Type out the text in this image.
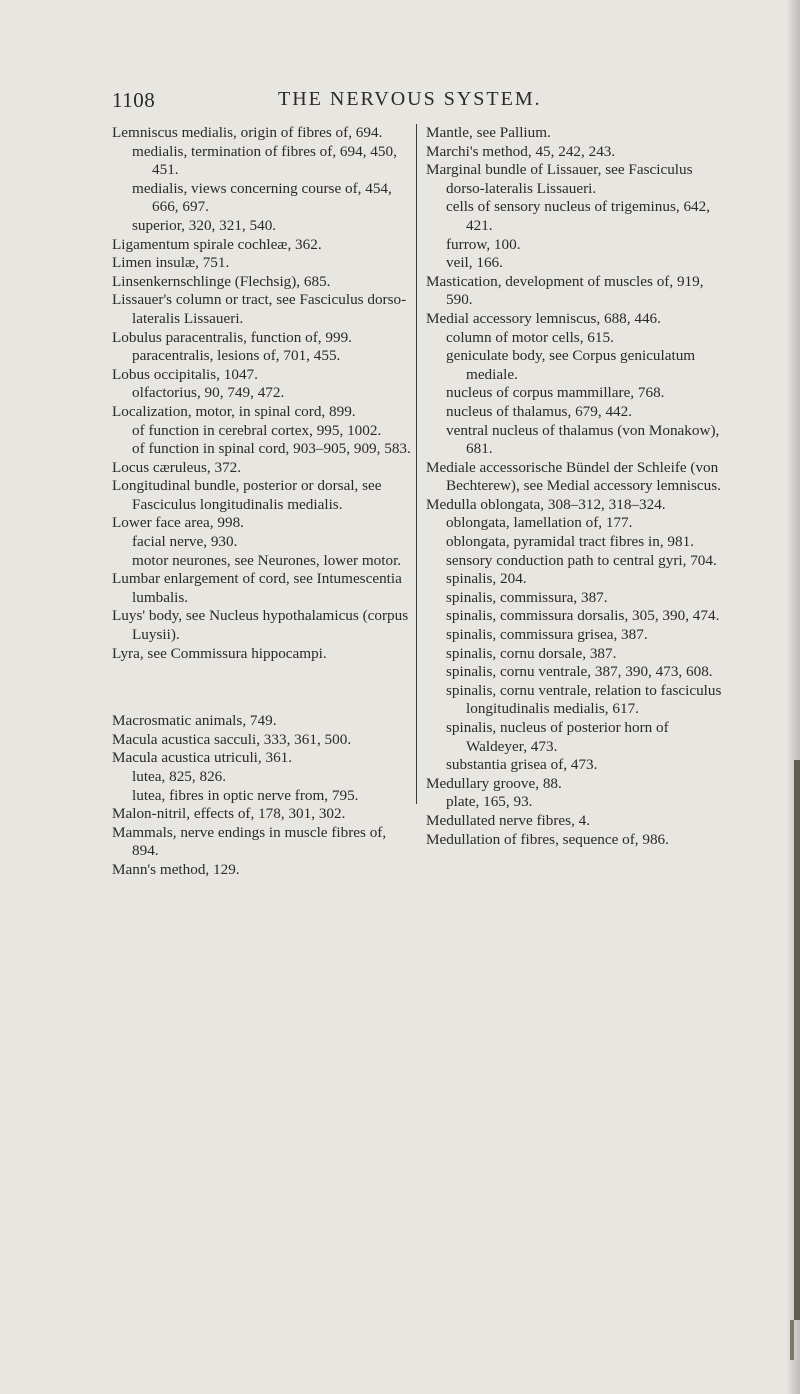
1108	THE NERVOUS SYSTEM.

Lemniscus medialis, origin of fibres of, 694.

medialis, termination of fibres of, 694, 450, 451.

medialis, views concerning course of, 454, 666, 697.

superior, 320, 321, 540.

Ligamentum spirale cochleæ, 362.

Limen insulæ, 751.

Linsenkernschlinge (Flechsig), 685.

Lissauer's column or tract, see Fasciculus dorso-lateralis Lissaueri.

Lobulus paracentralis, function of, 999.

paracentralis, lesions of, 701, 455.

Lobus occipitalis, 1047.

olfactorius, 90, 749, 472.

Localization, motor, in spinal cord, 899.

of function in cerebral cortex, 995, 1002.

of function in spinal cord, 903–905, 909, 583.

Locus cæruleus, 372.

Longitudinal bundle, posterior or dorsal, see Fasciculus longitudinalis medialis.

Lower face area, 998.

facial nerve, 930.

motor neurones, see Neurones, lower motor.

Lumbar enlargement of cord, see Intumescentia lumbalis.

Luys' body, see Nucleus hypothalamicus (corpus Luysii).

Lyra, see Commissura hippocampi.

Macrosmatic animals, 749.

Macula acustica sacculi, 333, 361, 500.

Macula acustica utriculi, 361.

lutea, 825, 826.

lutea, fibres in optic nerve from, 795.

Malon-nitril, effects of, 178, 301, 302.

Mammals, nerve endings in muscle fibres of, 894.

Mann's method, 129.

Mantle, see Pallium.

Marchi's method, 45, 242, 243.

Marginal bundle of Lissauer, see Fasciculus dorso-lateralis Lissaueri.

cells of sensory nucleus of trigeminus, 642, 421.

furrow, 100.

veil, 166.

Mastication, development of muscles of, 919, 590.

Medial accessory lemniscus, 688, 446.

column of motor cells, 615.

geniculate body, see Corpus geniculatum mediale.

nucleus of corpus mammillare, 768.

nucleus of thalamus, 679, 442.

ventral nucleus of thalamus (von Monakow), 681.

Mediale accessorische Bündel der Schleife (von Bechterew), see Medial accessory lemniscus.

Medulla oblongata, 308–312, 318–324.

oblongata, lamellation of, 177.

oblongata, pyramidal tract fibres in, 981.

sensory conduction path to central gyri, 704.

spinalis, 204.

spinalis, commissura, 387.

spinalis, commissura dorsalis, 305, 390, 474.

spinalis, commissura grisea, 387.

spinalis, cornu dorsale, 387.

spinalis, cornu ventrale, 387, 390, 473, 608.

spinalis, cornu ventrale, relation to fasciculus longitudinalis medialis, 617.

spinalis, nucleus of posterior horn of Waldeyer, 473.

substantia grisea of, 473.

Medullary groove, 88.

plate, 165, 93.

Medullated nerve fibres, 4.

Medullation of fibres, sequence of, 986.
